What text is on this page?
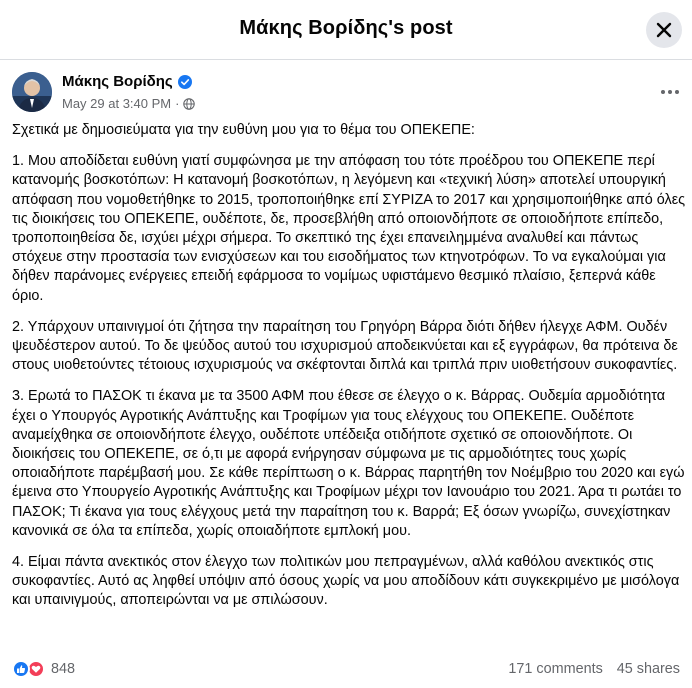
Μάκης Βορίδης's post
Μάκης Βορίδης
May 29 at 3:40 PM ·

Σχετικά με δημοσιεύματα για την ευθύνη μου για το θέμα του ΟΠΕΚΕΠΕ:

1. Μου αποδίδεται ευθύνη γιατί συμφώνησα με την απόφαση του τότε προέδρου του ΟΠΕΚΕΠΕ περί κατανομής βοσκοτόπων: Η κατανομή βοσκοτόπων, η λεγόμενη και «τεχνική λύση» αποτελεί υπουργική απόφαση που νομοθετήθηκε το 2015, τροποποιήθηκε επί ΣΥΡΙΖΑ το 2017 και χρησιμοποιήθηκε από όλες τις διοικήσεις του ΟΠΕΚΕΠΕ, ουδέποτε, δε, προσεβλήθη από οποιονδήποτε σε οποιοδήποτε επίπεδο, τροποποιηθείσα δε, ισχύει μέχρι σήμερα. Το σκεπτικό της έχει επανειλημμένα αναλυθεί και πάντως στόχευε στην προστασία των ενισχύσεων και του εισοδήματος των κτηνοτρόφων. Το να εγκαλούμαι για δήθεν παράνομες ενέργειες επειδή εφάρμοσα το νομίμως υφιστάμενο θεσμικό πλαίσιο, ξεπερνά κάθε όριο.

2. Υπάρχουν υπαινιγμοί ότι ζήτησα την παραίτηση του Γρηγόρη Βάρρα διότι δήθεν ήλεγχε ΑΦΜ. Ουδέν ψευδέστερον αυτού. Το δε ψεύδος αυτού του ισχυρισμού αποδεικνύεται και εξ εγγράφων, θα πρότεινα δε στους υιοθετούντες τέτοιους ισχυρισμούς να σκέφτονται διπλά και τριπλά πριν υιοθετήσουν συκοφαντίες.

3. Ερωτά το ΠΑΣΟΚ τι έκανα με τα 3500 ΑΦΜ που έθεσε σε έλεγχο ο κ. Βάρρας. Ουδεμία αρμοδιότητα έχει ο Υπουργός Αγροτικής Ανάπτυξης και Τροφίμων για τους ελέγχους του ΟΠΕΚΕΠΕ. Ουδέποτε αναμείχθηκα σε οποιονδήποτε έλεγχο, ουδέποτε υπέδειξα οτιδήποτε σχετικό σε οποιονδήποτε. Οι διοικήσεις του ΟΠΕΚΕΠΕ, σε ό,τι με αφορά ενήργησαν σύμφωνα με τις αρμοδιότητες τους χωρίς οποιαδήποτε παρέμβασή μου. Σε κάθε περίπτωση ο κ. Βάρρας παρητήθη τον Νοέμβριο του 2020 και εγώ έμεινα στο Υπουργείο Αγροτικής Ανάπτυξης και Τροφίμων μέχρι τον Ιανουάριο του 2021. Άρα τι ρωτάει το ΠΑΣΟΚ; Τι έκανα για τους ελέγχους μετά την παραίτηση του κ. Βαρρά; Εξ όσων γνωρίζω, συνεχίστηκαν κανονικά σε όλα τα επίπεδα, χωρίς οποιαδήποτε εμπλοκή μου.

4. Είμαι πάντα ανεκτικός στον έλεγχο των πολιτικών μου πεπραγμένων, αλλά καθόλου ανεκτικός στις συκοφαντίες. Αυτό ας ληφθεί υπόψιν από όσους χωρίς να μου αποδίδουν κάτι συγκεκριμένο με μισόλογα και υπαινιγμούς, αποπειρώνται να με σπιλώσουν.

848	171 comments 45 shares
